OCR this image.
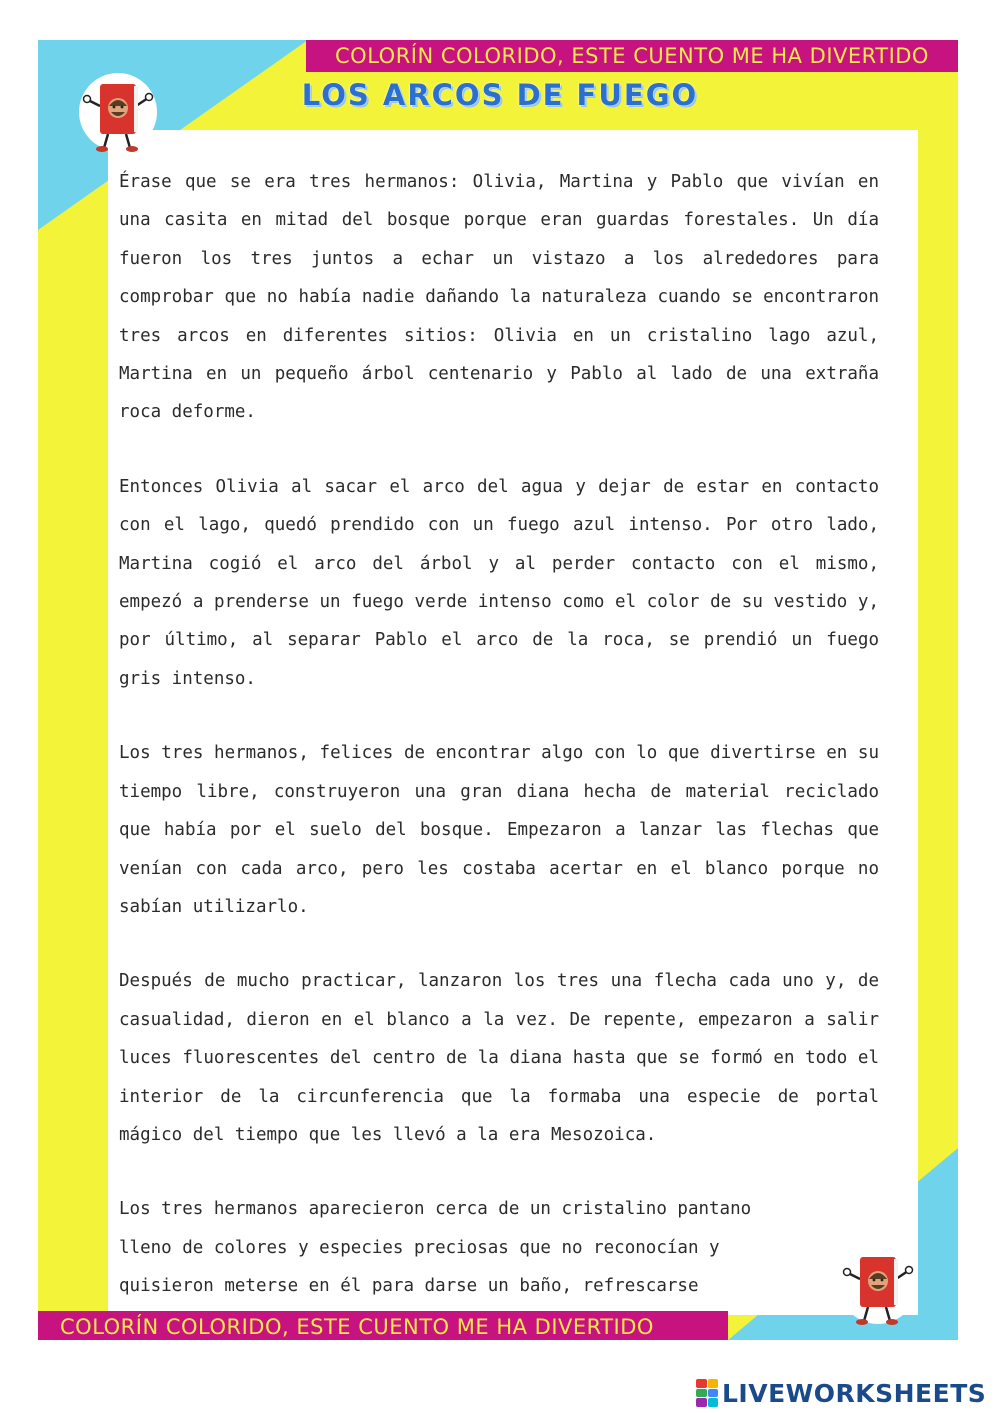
COLORÍN COLORIDO, ESTE CUENTO ME HA DIVERTIDO
COLORÍN COLORIDO, ESTE CUENTO ME HA DIVERTIDO
LOS ARCOS DE FUEGO

Érase que se era tres hermanos: Olivia, Martina y Pablo que vivían en una casita en mitad del bosque porque eran guardas forestales. Un día fueron los tres juntos a echar un vistazo a los alrededores para comprobar que no había nadie dañando la naturaleza cuando se encontraron tres arcos en diferentes sitios: Olivia en un cristalino lago azul, Martina en un pequeño árbol centenario y Pablo al lado de una extraña roca deforme.

Entonces Olivia al sacar el arco del agua y dejar de estar en contacto con el lago, quedó prendido con un fuego azul intenso. Por otro lado, Martina cogió el arco del árbol y al perder contacto con el mismo, empezó a prenderse un fuego verde intenso como el color de su vestido y, por último, al separar Pablo el arco de la roca, se prendió un fuego gris intenso.

Los tres hermanos, felices de encontrar algo con lo que divertirse en su tiempo libre, construyeron una gran diana hecha de material reciclado que había por el suelo del bosque. Empezaron a lanzar las flechas que venían con cada arco, pero les costaba acertar en el blanco porque no sabían utilizarlo.

Después de mucho practicar, lanzaron los tres una flecha cada uno y, de casualidad, dieron en el blanco a la vez. De repente, empezaron a salir luces fluorescentes del centro de la diana hasta que se formó en todo el interior de la circunferencia que la formaba una especie de portal mágico del tiempo que les llevó a la era Mesozoica.

Los tres hermanos aparecieron cerca de un cristalino pantano lleno de colores y especies preciosas que no reconocían y quisieron meterse en él para darse un baño, refrescarse

LIVEWORKSHEETS
